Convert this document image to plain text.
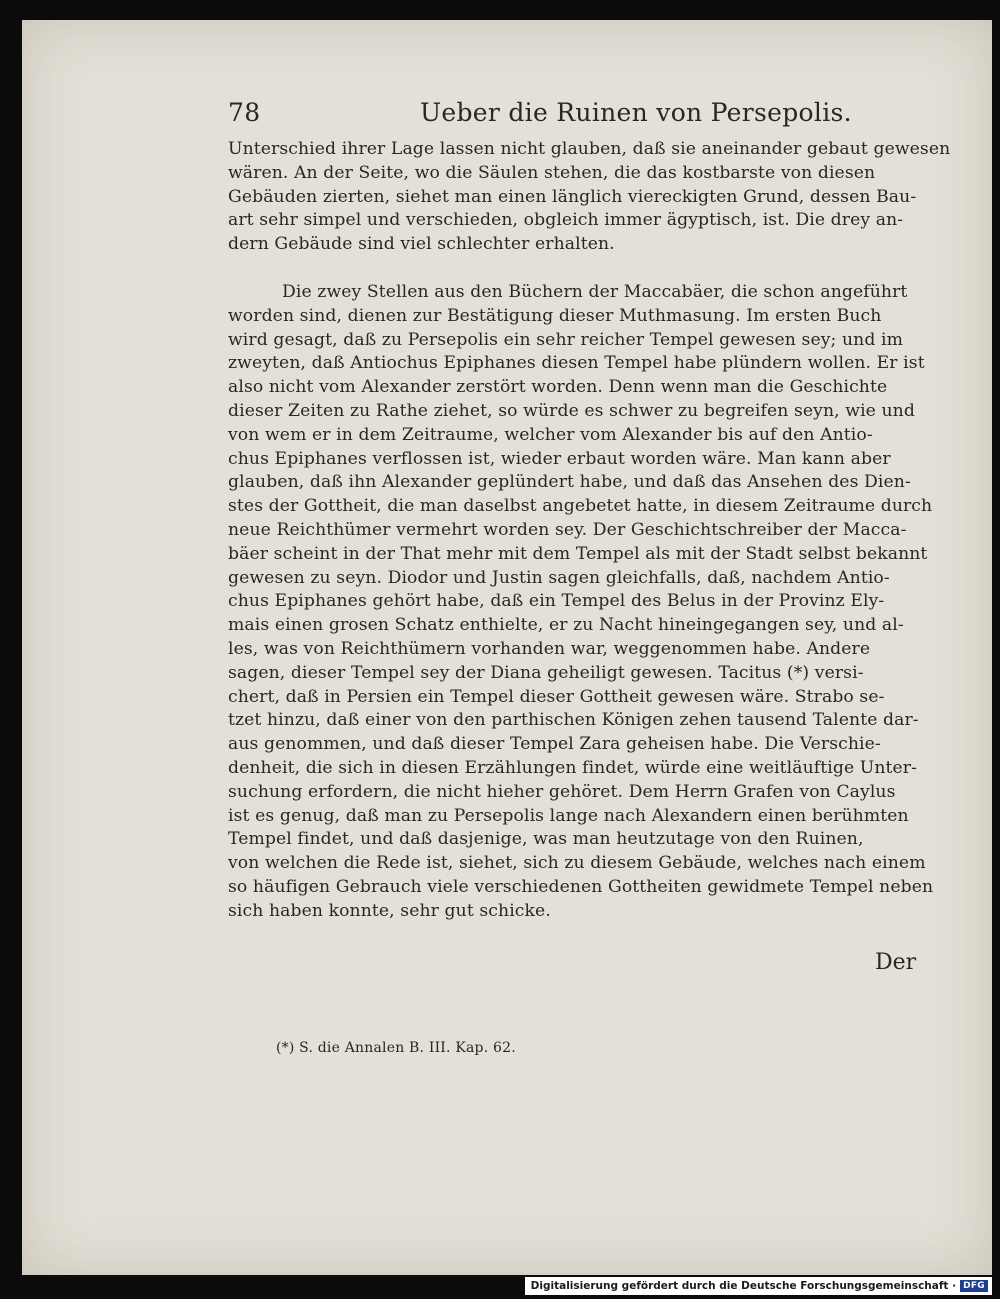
78	Ueber die Ruinen von Persepolis.
Unterschied ihrer Lage lassen nicht glauben, daß sie aneinander gebaut gewesen
wären. An der Seite, wo die Säulen stehen, die das kostbarste von diesen
Gebäuden zierten, siehet man einen länglich viereckigten Grund, dessen Bau-
art sehr simpel und verschieden, obgleich immer ägyptisch, ist. Die drey an-
dern Gebäude sind viel schlechter erhalten.
Die zwey Stellen aus den Büchern der Maccabäer, die schon angeführt
worden sind, dienen zur Bestätigung dieser Muthmasung. Im ersten Buch
wird gesagt, daß zu Persepolis ein sehr reicher Tempel gewesen sey; und im
zweyten, daß Antiochus Epiphanes diesen Tempel habe plündern wollen. Er ist
also nicht vom Alexander zerstört worden. Denn wenn man die Geschichte
dieser Zeiten zu Rathe ziehet, so würde es schwer zu begreifen seyn, wie und
von wem er in dem Zeitraume, welcher vom Alexander bis auf den Antio-
chus Epiphanes verflossen ist, wieder erbaut worden wäre. Man kann aber
glauben, daß ihn Alexander geplündert habe, und daß das Ansehen des Dien-
stes der Gottheit, die man daselbst angebetet hatte, in diesem Zeitraume durch
neue Reichthümer vermehrt worden sey. Der Geschichtschreiber der Macca-
bäer scheint in der That mehr mit dem Tempel als mit der Stadt selbst bekannt
gewesen zu seyn. Diodor und Justin sagen gleichfalls, daß, nachdem Antio-
chus Epiphanes gehört habe, daß ein Tempel des Belus in der Provinz Ely-
mais einen grosen Schatz enthielte, er zu Nacht hineingegangen sey, und al-
les, was von Reichthümern vorhanden war, weggenommen habe. Andere
sagen, dieser Tempel sey der Diana geheiligt gewesen. Tacitus (*) versi-
chert, daß in Persien ein Tempel dieser Gottheit gewesen wäre. Strabo se-
tzet hinzu, daß einer von den parthischen Königen zehen tausend Talente dar-
aus genommen, und daß dieser Tempel Zara geheisen habe. Die Verschie-
denheit, die sich in diesen Erzählungen findet, würde eine weitläuftige Unter-
suchung erfordern, die nicht hieher gehöret. Dem Herrn Grafen von Caylus
ist es genug, daß man zu Persepolis lange nach Alexandern einen berühmten
Tempel findet, und daß dasjenige, was man heutzutage von den Ruinen,
von welchen die Rede ist, siehet, sich zu diesem Gebäude, welches nach einem
so häufigen Gebrauch viele verschiedenen Gottheiten gewidmete Tempel neben
sich haben konnte, sehr gut schicke.
Der
(*) S. die Annalen B. III. Kap. 62.
Digitalisierung gefördert durch die Deutsche Forschungsgemeinschaft · DFG
